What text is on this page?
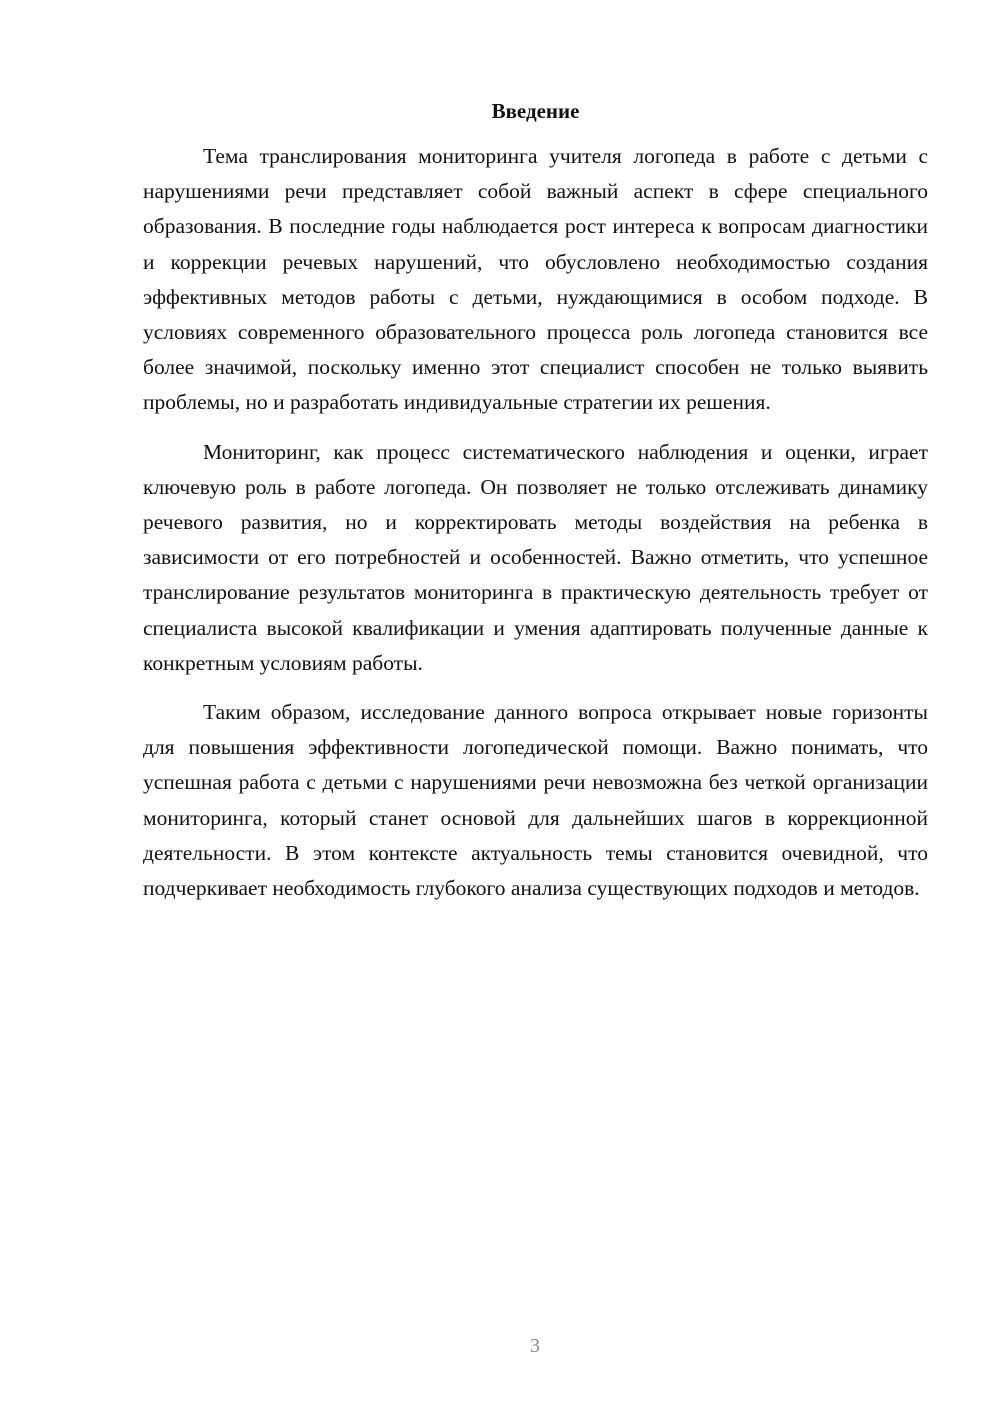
Введение

Тема транслирования мониторинга учителя логопеда в работе с детьми с нарушениями речи представляет собой важный аспект в сфере специального образования. В последние годы наблюдается рост интереса к вопросам диагностики и коррекции речевых нарушений, что обусловлено необходимостью создания эффективных методов работы с детьми, нуждающимися в особом подходе. В условиях современного образовательного процесса роль логопеда становится все более значимой, поскольку именно этот специалист способен не только выявить проблемы, но и разработать индивидуальные стратегии их решения.

Мониторинг, как процесс систематического наблюдения и оценки, играет ключевую роль в работе логопеда. Он позволяет не только отслеживать динамику речевого развития, но и корректировать методы воздействия на ребенка в зависимости от его потребностей и особенностей. Важно отметить, что успешное транслирование результатов мониторинга в практическую деятельность требует от специалиста высокой квалификации и умения адаптировать полученные данные к конкретным условиям работы.

Таким образом, исследование данного вопроса открывает новые горизонты для повышения эффективности логопедической помощи. Важно понимать, что успешная работа с детьми с нарушениями речи невозможна без четкой организации мониторинга, который станет основой для дальнейших шагов в коррекционной деятельности. В этом контексте актуальность темы становится очевидной, что подчеркивает необходимость глубокого анализа существующих подходов и методов.

3
